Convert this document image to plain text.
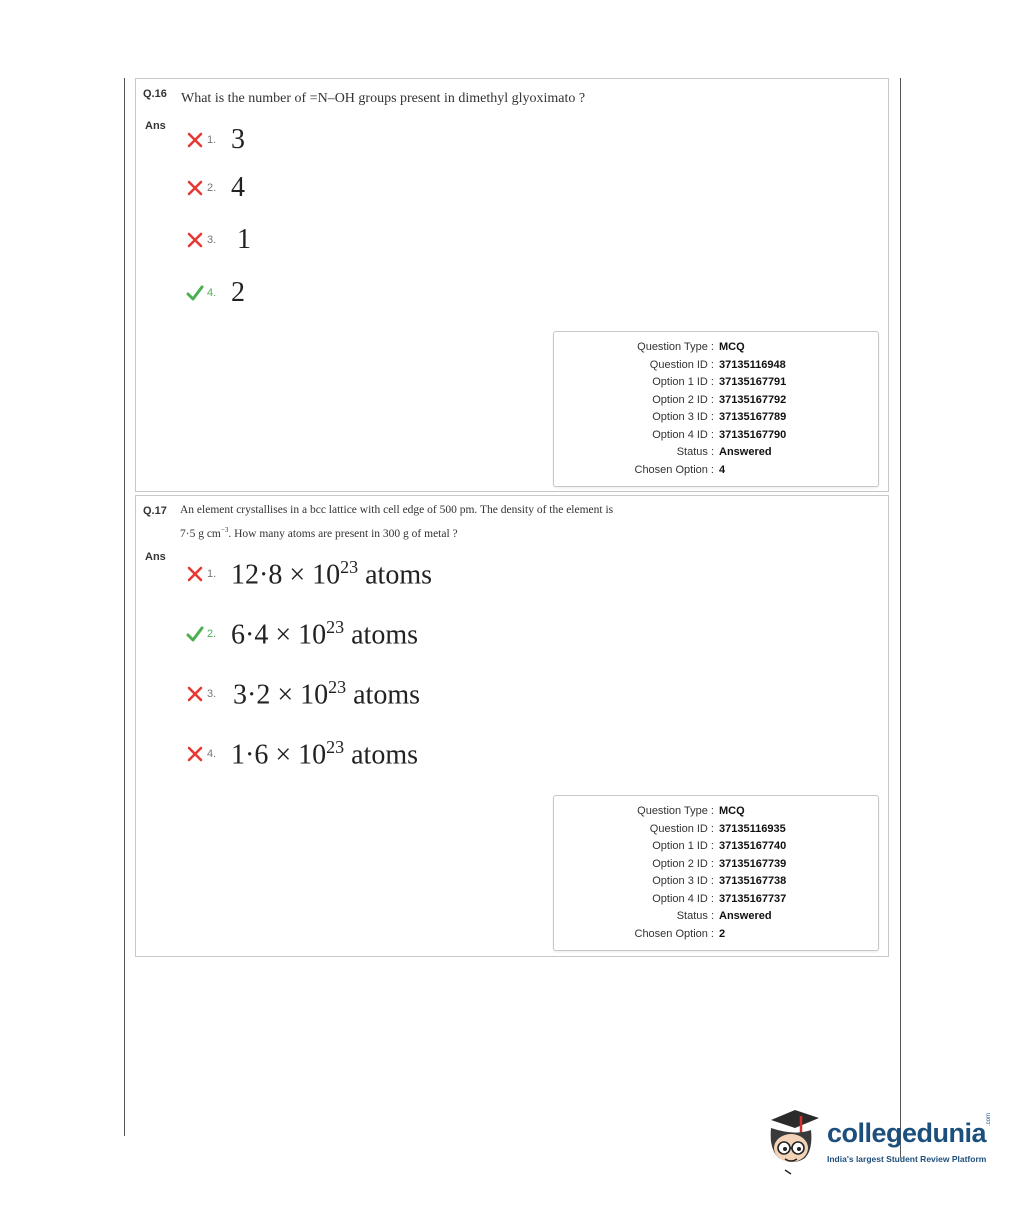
Q.16 What is the number of =N–OH groups present in dimethyl glyoximato ?
Ans
1. 3
2. 4
3. 1
4. 2
Question Type : MCQ
Question ID : 37135116948
Option 1 ID : 37135167791
Option 2 ID : 37135167792
Option 3 ID : 37135167789
Option 4 ID : 37135167790
Status : Answered
Chosen Option : 4
Q.17 An element crystallises in a bcc lattice with cell edge of 500 pm. The density of the element is
7·5 g $cm^{-3}$. How many atoms are present in 300 g of metal ?
Ans
1. $12\cdot 8 \times 10^{23}$ atoms
2. $6\cdot 4 \times 10^{23}$ atoms
3. $3\cdot 2 \times 10^{23}$ atoms
4. $1\cdot 6 \times 10^{23}$ atoms
Question Type : MCQ
Question ID : 37135116935
Option 1 ID : 37135167740
Option 2 ID : 37135167739
Option 3 ID : 37135167738
Option 4 ID : 37135167737
Status : Answered
Chosen Option : 2
collegedunia .com
India's largest Student Review Platform
